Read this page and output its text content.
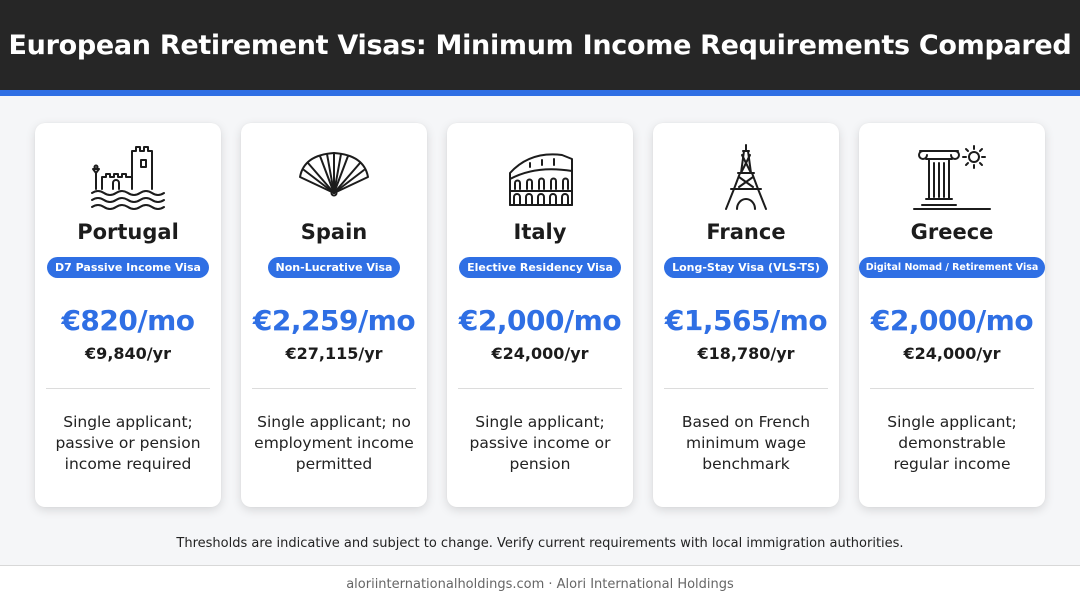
European Retirement Visas: Minimum Income Requirements Compared
Portugal
D7 Passive Income Visa
€820/mo
€9,840/yr
Single applicant; passive or pension income required
Spain
Non-Lucrative Visa
€2,259/mo
€27,115/yr
Single applicant; no employment income permitted
Italy
Elective Residency Visa
€2,000/mo
€24,000/yr
Single applicant; passive income or pension
France
Long-Stay Visa (VLS-TS)
€1,565/mo
€18,780/yr
Based on French minimum wage benchmark
Greece
Digital Nomad / Retirement Visa
€2,000/mo
€24,000/yr
Single applicant; demonstrable regular income
Thresholds are indicative and subject to change. Verify current requirements with local immigration authorities.
aloriinternationalholdings.com · Alori International Holdings
